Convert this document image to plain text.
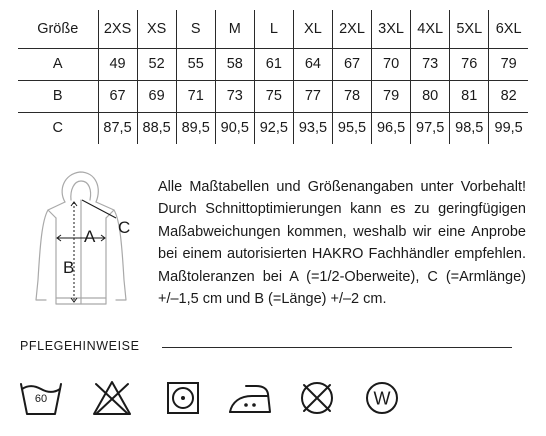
Größe	2XS	XS	S	M	L	XL	2XL	3XL	4XL	5XL	6XL
A	49	52	55	58	61	64	67	70	73	76	79
B	67	69	71	73	75	77	78	79	80	81	82
C	87,5	88,5	89,5	90,5	92,5	93,5	95,5	96,5	97,5	98,5	99,5
A
B
C

Alle Maßtabellen und Größenangaben unter Vorbehalt! Durch Schnittoptimierungen kann es zu geringfügigen Maßabweichungen kommen, weshalb wir eine Anprobe bei einem autorisierten HAKRO Fachhändler empfehlen. Maßtoleranzen bei A (=1/2-Oberweite), C (=Armlänge) +/–1,5 cm und B (=Länge) +/–2 cm.

PFLEGEHINWEISE
60	W
